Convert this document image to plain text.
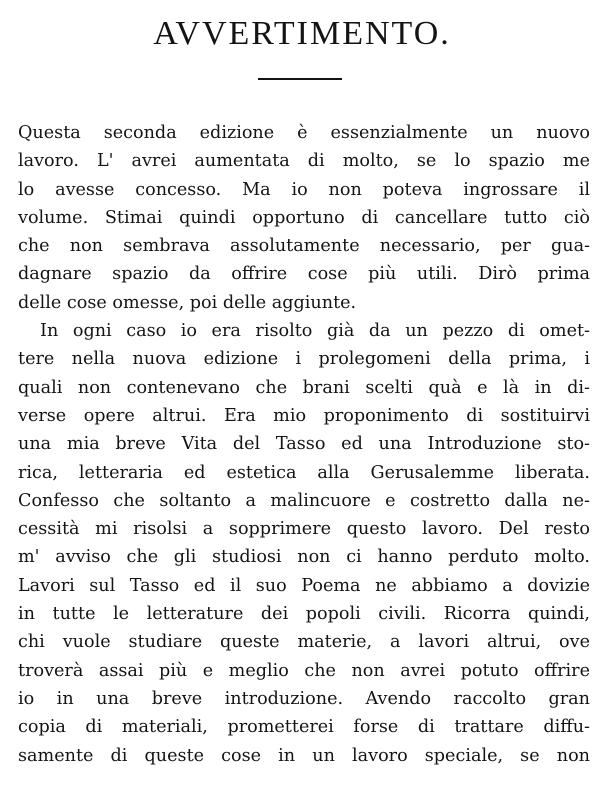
AVVERTIMENTO.
Questa seconda edizione è essenzialmente un nuovo
lavoro. L' avrei aumentata di molto, se lo spazio me
lo avesse concesso. Ma io non poteva ingrossare il
volume. Stimai quindi opportuno di cancellare tutto ciò
che non sembrava assolutamente necessario, per gua-
dagnare spazio da offrire cose più utili. Dirò prima
delle cose omesse, poi delle aggiunte.
In ogni caso io era risolto già da un pezzo di omet-
tere nella nuova edizione i prolegomeni della prima, i
quali non contenevano che brani scelti quà e là in di-
verse opere altrui. Era mio proponimento di sostituirvi
una mia breve Vita del Tasso ed una Introduzione sto-
rica, letteraria ed estetica alla Gerusalemme liberata.
Confesso che soltanto a malincuore e costretto dalla ne-
cessità mi risolsi a sopprimere questo lavoro. Del resto
m' avviso che gli studiosi non ci hanno perduto molto.
Lavori sul Tasso ed il suo Poema ne abbiamo a dovizie
in tutte le letterature dei popoli civili. Ricorra quindi,
chi vuole studiare queste materie, a lavori altrui, ove
troverà assai più e meglio che non avrei potuto offrire
io in una breve introduzione. Avendo raccolto gran
copia di materiali, prometterei forse di trattare diffu-
samente di queste cose in un lavoro speciale, se non
